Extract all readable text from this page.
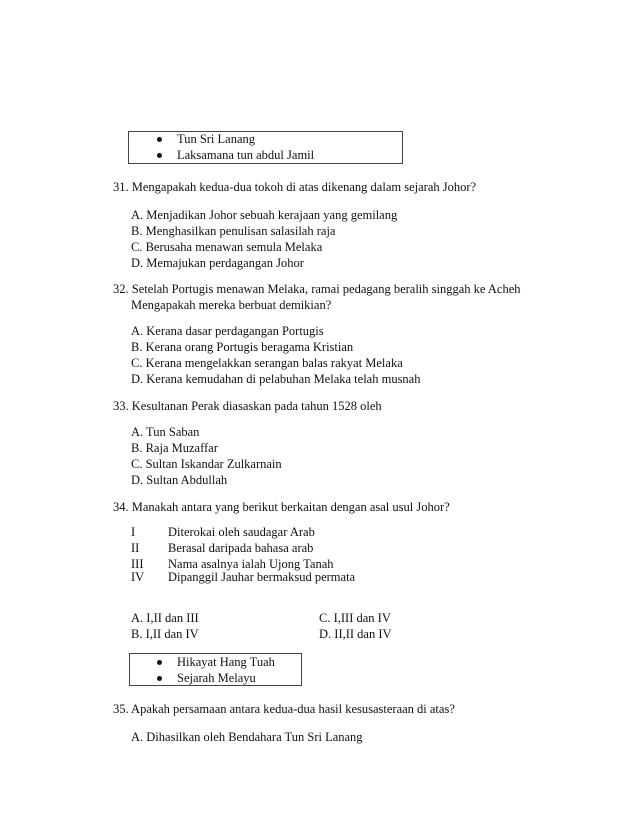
Tun Sri Lanang
Laksamana tun abdul Jamil
31. Mengapakah kedua-dua tokoh di atas dikenang dalam sejarah Johor?
A. Menjadikan Johor sebuah kerajaan yang gemilang
B. Menghasilkan penulisan salasilah raja
C. Berusaha menawan semula Melaka
D. Memajukan perdagangan Johor
32. Setelah Portugis menawan Melaka, ramai pedagang beralih singgah ke Acheh
Mengapakah mereka berbuat demikian?
A. Kerana dasar perdagangan Portugis
B. Kerana orang Portugis beragama Kristian
C. Kerana mengelakkan serangan balas rakyat Melaka
D. Kerana kemudahan di pelabuhan Melaka telah musnah
33. Kesultanan Perak diasaskan pada tahun 1528 oleh
A. Tun Saban
B. Raja Muzaffar
C. Sultan Iskandar Zulkarnain
D. Sultan Abdullah
34. Manakah antara yang berikut berkaitan dengan asal usul Johor?
I	Diterokai oleh saudagar Arab
II Berasal daripada bahasa arab
III Nama asalnya ialah Ujong Tanah
IV Dipanggil Jauhar bermaksud permata
A. I,II dan III	C. I,III dan IV
B. I,II dan IV	D. II,II dan IV
Hikayat Hang Tuah
Sejarah Melayu
35. Apakah persamaan antara kedua-dua hasil kesusasteraan di atas?
A. Dihasilkan oleh Bendahara Tun Sri Lanang
